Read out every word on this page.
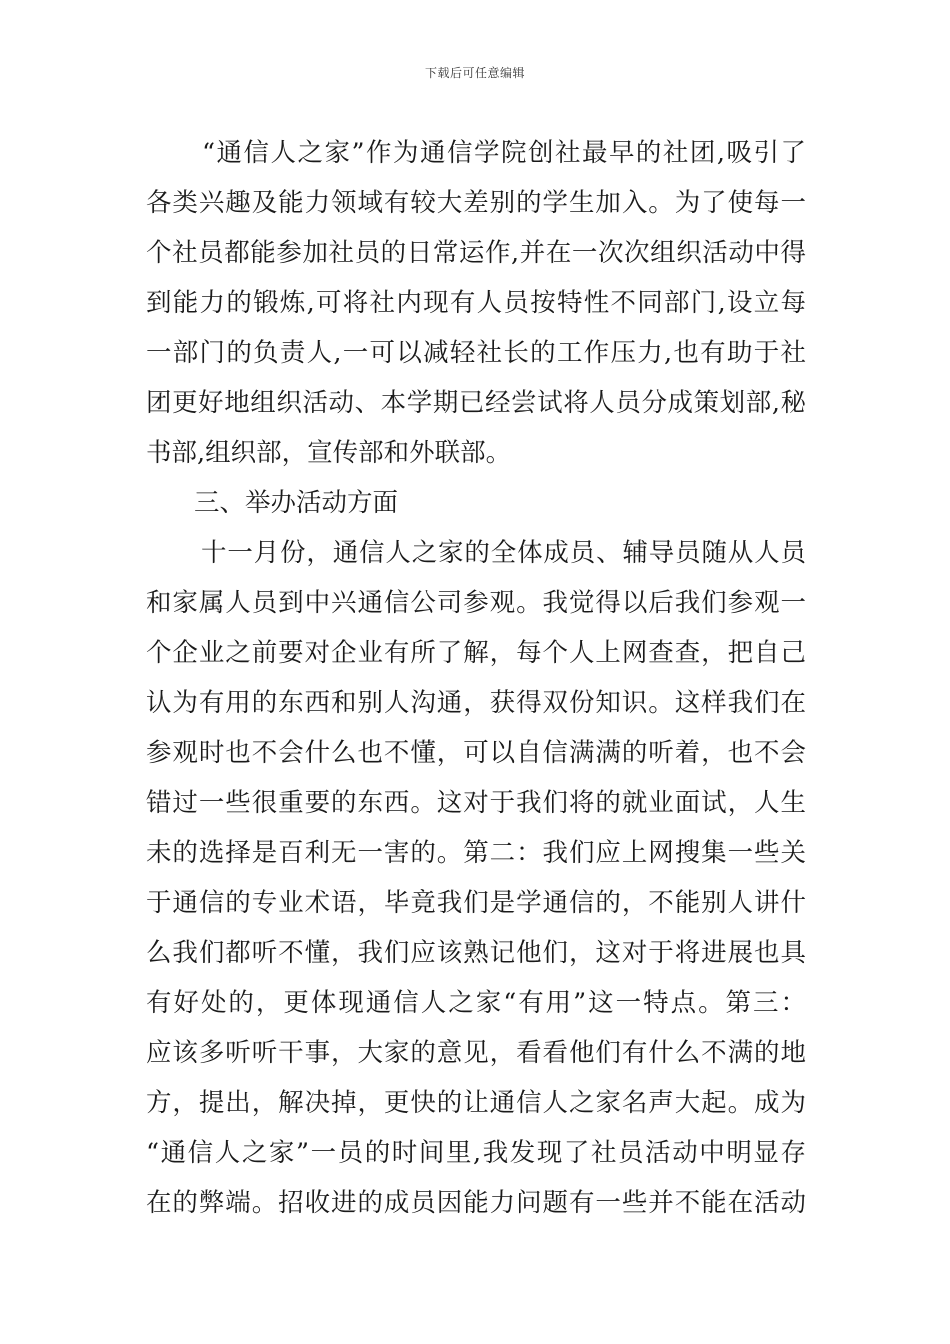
下载后可任意编辑
“通信人之家”作为通信学院创社最早的社团,吸引了
各类兴趣及能力领域有较大差别的学生加入。为了使每一
个社员都能参加社员的日常运作,并在一次次组织活动中得
到能力的锻炼,可将社内现有人员按特性不同部门,设立每
一部门的负责人,一可以减轻社长的工作压力,也有助于社
团更好地组织活动、本学期已经尝试将人员分成策划部,秘
书部,组织部，宣传部和外联部。
三、举办活动方面
十一月份，通信人之家的全体成员、辅导员随从人员
和家属人员到中兴通信公司参观。我觉得以后我们参观一
个企业之前要对企业有所了解，每个人上网查查，把自己
认为有用的东西和别人沟通，获得双份知识。这样我们在
参观时也不会什么也不懂，可以自信满满的听着，也不会
错过一些很重要的东西。这对于我们将的就业面试，人生
未的选择是百利无一害的。第二：我们应上网搜集一些关
于通信的专业术语，毕竟我们是学通信的，不能别人讲什
么我们都听不懂，我们应该熟记他们，这对于将进展也具
有好处的，更体现通信人之家“有用”这一特点。第三：
应该多听听干事，大家的意见，看看他们有什么不满的地
方，提出，解决掉，更快的让通信人之家名声大起。成为
“通信人之家”一员的时间里,我发现了社员活动中明显存
在的弊端。招收进的成员因能力问题有一些并不能在活动
